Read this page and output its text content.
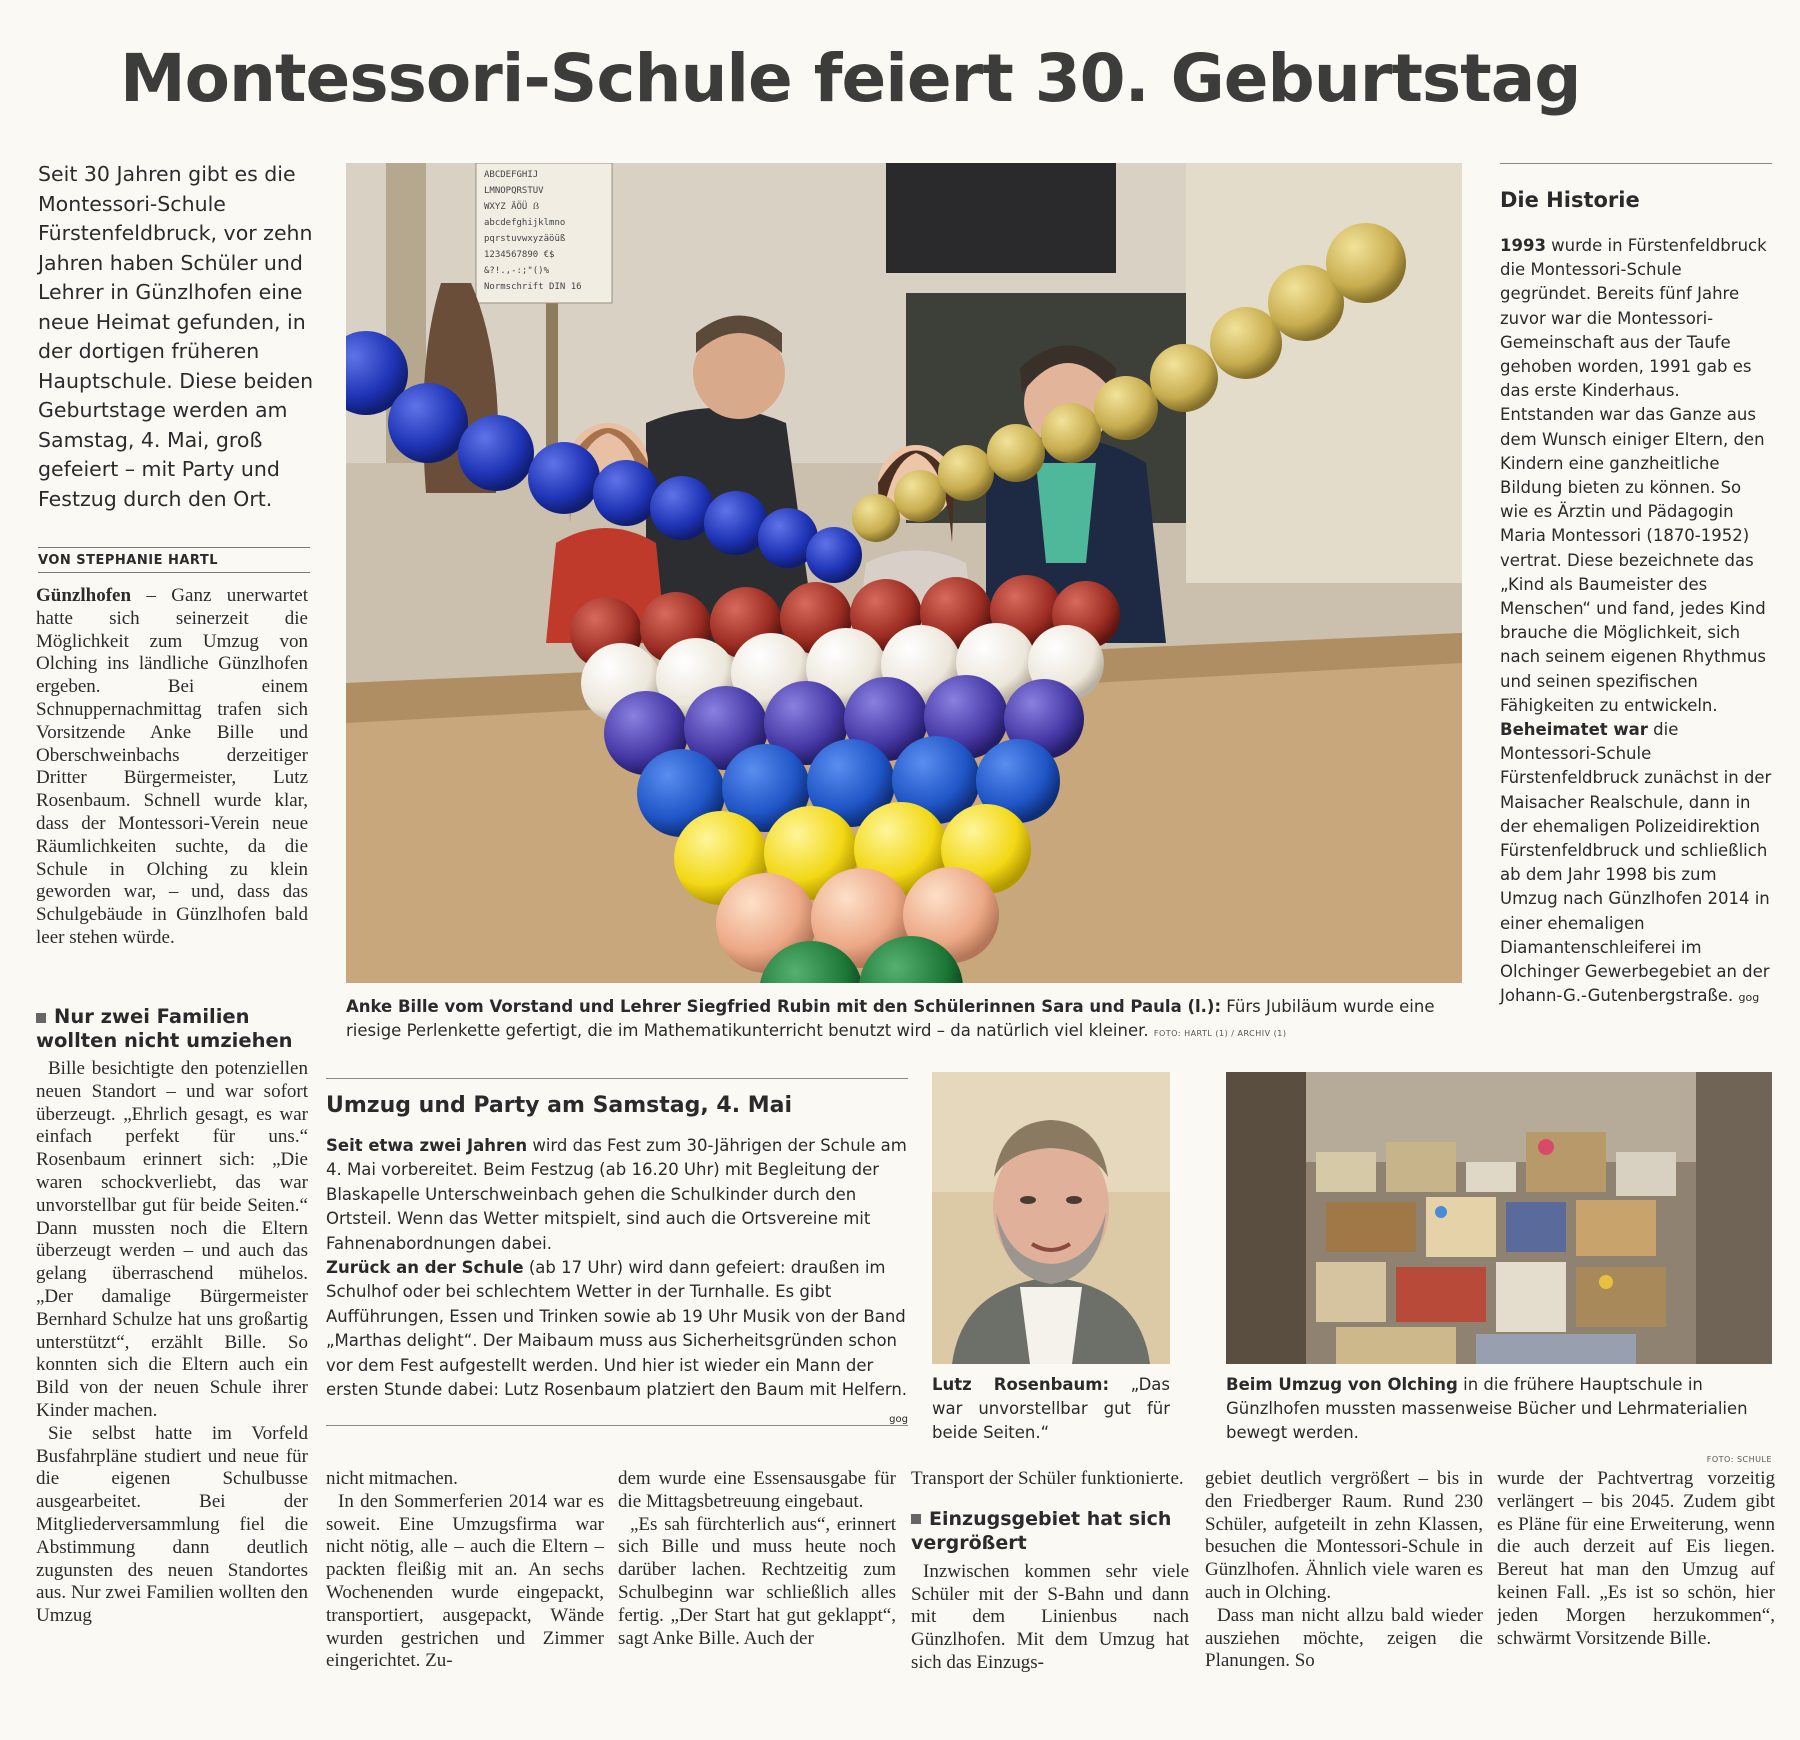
Montessori-Schule feiert 30. Geburtstag
Seit 30 Jahren gibt es die Montessori-Schule Fürstenfeldbruck, vor zehn Jahren haben Schüler und Lehrer in Günzlhofen eine neue Heimat gefunden, in der dortigen früheren Hauptschule. Diese beiden Geburtstage werden am Samstag, 4. Mai, groß gefeiert – mit Party und Festzug durch den Ort.
VON STEPHANIE HARTL
Günzlhofen – Ganz unerwartet hatte sich seinerzeit die Möglichkeit zum Umzug von Olching ins ländliche Günzlhofen ergeben. Bei einem Schnuppernachmittag trafen sich Vorsitzende Anke Bille und Oberschweinbachs derzeitiger Dritter Bürgermeister, Lutz Rosenbaum. Schnell wurde klar, dass der Montessori-Verein neue Räumlichkeiten suchte, da die Schule in Olching zu klein geworden war, – und, dass das Schulgebäude in Günzlhofen bald leer stehen würde.
Nur zwei Familien wollten nicht umziehen

Bille besichtigte den potenziellen neuen Standort – und war sofort überzeugt. „Ehrlich gesagt, es war einfach perfekt für uns.“ Rosenbaum erinnert sich: „Die waren schockverliebt, das war unvorstellbar gut für beide Seiten.“ Dann mussten noch die Eltern überzeugt werden – und auch das gelang überraschend mühelos. „Der damalige Bürgermeister Bernhard Schulze hat uns großartig unterstützt“, erzählt Bille. So konnten sich die Eltern auch ein Bild von der neuen Schule ihrer Kinder machen.

Sie selbst hatte im Vorfeld Busfahrpläne studiert und neue für die eigenen Schulbusse ausgearbeitet. Bei der Mitgliederversammlung fiel die Abstimmung dann deutlich zugunsten des neuen Standortes aus. Nur zwei Familien wollten den Umzug

ABCDEFGHIJ
LMNOPQRSTUV
WXYZ ÄÖÜ ẞ
abcdefghijklmno
pqrstuvwxyzäöüß
1234567890 €$
&?!.,-:;"()%
Normschrift DIN 16
Anke Bille vom Vorstand und Lehrer Siegfried Rubin mit den Schülerinnen Sara und Paula (l.): Fürs Jubiläum wurde eine riesige Perlenkette gefertigt, die im Mathematikunterricht benutzt wird – da natürlich viel kleiner. FOTO: HARTL (1) / ARCHIV (1)
Die Historie

1993 wurde in Fürstenfeldbruck die Montessori-Schule gegründet. Bereits fünf Jahre zuvor war die Montessori-Gemeinschaft aus der Taufe gehoben worden, 1991 gab es das erste Kinderhaus. Entstanden war das Ganze aus dem Wunsch einiger Eltern, den Kindern eine ganzheitliche Bildung bieten zu können. So wie es Ärztin und Pädagogin Maria Montessori (1870-1952) vertrat. Diese bezeichnete das „Kind als Baumeister des Menschen“ und fand, jedes Kind brauche die Möglichkeit, sich nach seinem eigenen Rhythmus und seinen spezifischen Fähigkeiten zu entwickeln.

Beheimatet war die Montessori-Schule Fürstenfeldbruck zunächst in der Maisacher Realschule, dann in der ehemaligen Polizeidirektion Fürstenfeldbruck und schließlich ab dem Jahr 1998 bis zum Umzug nach Günzlhofen 2014 in einer ehemaligen Diamantenschleiferei im Olchinger Gewerbegebiet an der Johann-G.-Gutenbergstraße. gog

Umzug und Party am Samstag, 4. Mai

Seit etwa zwei Jahren wird das Fest zum 30-Jährigen der Schule am 4. Mai vorbereitet. Beim Festzug (ab 16.20 Uhr) mit Begleitung der Blaskapelle Unterschweinbach gehen die Schulkinder durch den Ortsteil. Wenn das Wetter mitspielt, sind auch die Ortsvereine mit Fahnenabordnungen dabei.

Zurück an der Schule (ab 17 Uhr) wird dann gefeiert: draußen im Schulhof oder bei schlechtem Wetter in der Turnhalle. Es gibt Aufführungen, Essen und Trinken sowie ab 19 Uhr Musik von der Band „Marthas delight“. Der Maibaum muss aus Sicherheitsgründen schon vor dem Fest aufgestellt werden. Und hier ist wieder ein Mann der ersten Stunde dabei: Lutz Rosenbaum platziert den Baum mit Helfern.

gog
Lutz Rosenbaum: „Das war unvorstellbar gut für beide Seiten.“
Beim Umzug von Olching in die frühere Hauptschule in Günzlhofen mussten massenweise Bücher und Lehrmaterialien bewegt werden.
FOTO: SCHULE

nicht mitmachen.

In den Sommerferien 2014 war es soweit. Eine Umzugsfirma war nicht nötig, alle – auch die Eltern – packten fleißig mit an. An sechs Wochenenden wurde eingepackt, transportiert, ausgepackt, Wände wurden gestrichen und Zimmer eingerichtet. Zu-

dem wurde eine Essensausgabe für die Mittagsbetreuung eingebaut.

„Es sah fürchterlich aus“, erinnert sich Bille und muss heute noch darüber lachen. Rechtzeitig zum Schulbeginn war schließlich alles fertig. „Der Start hat gut geklappt“, sagt Anke Bille. Auch der

Transport der Schüler funktionierte.

Einzugsgebiet hat sich vergrößert

Inzwischen kommen sehr viele Schüler mit der S-Bahn und dann mit dem Linienbus nach Günzlhofen. Mit dem Umzug hat sich das Einzugs-

gebiet deutlich vergrößert – bis in den Friedberger Raum. Rund 230 Schüler, aufgeteilt in zehn Klassen, besuchen die Montessori-Schule in Günzlhofen. Ähnlich viele waren es auch in Olching.

Dass man nicht allzu bald wieder ausziehen möchte, zeigen die Planungen. So

wurde der Pachtvertrag vorzeitig verlängert – bis 2045. Zudem gibt es Pläne für eine Erweiterung, wenn die auch derzeit auf Eis liegen. Bereut hat man den Umzug auf keinen Fall. „Es ist so schön, hier jeden Morgen herzukommen“, schwärmt Vorsitzende Bille.
